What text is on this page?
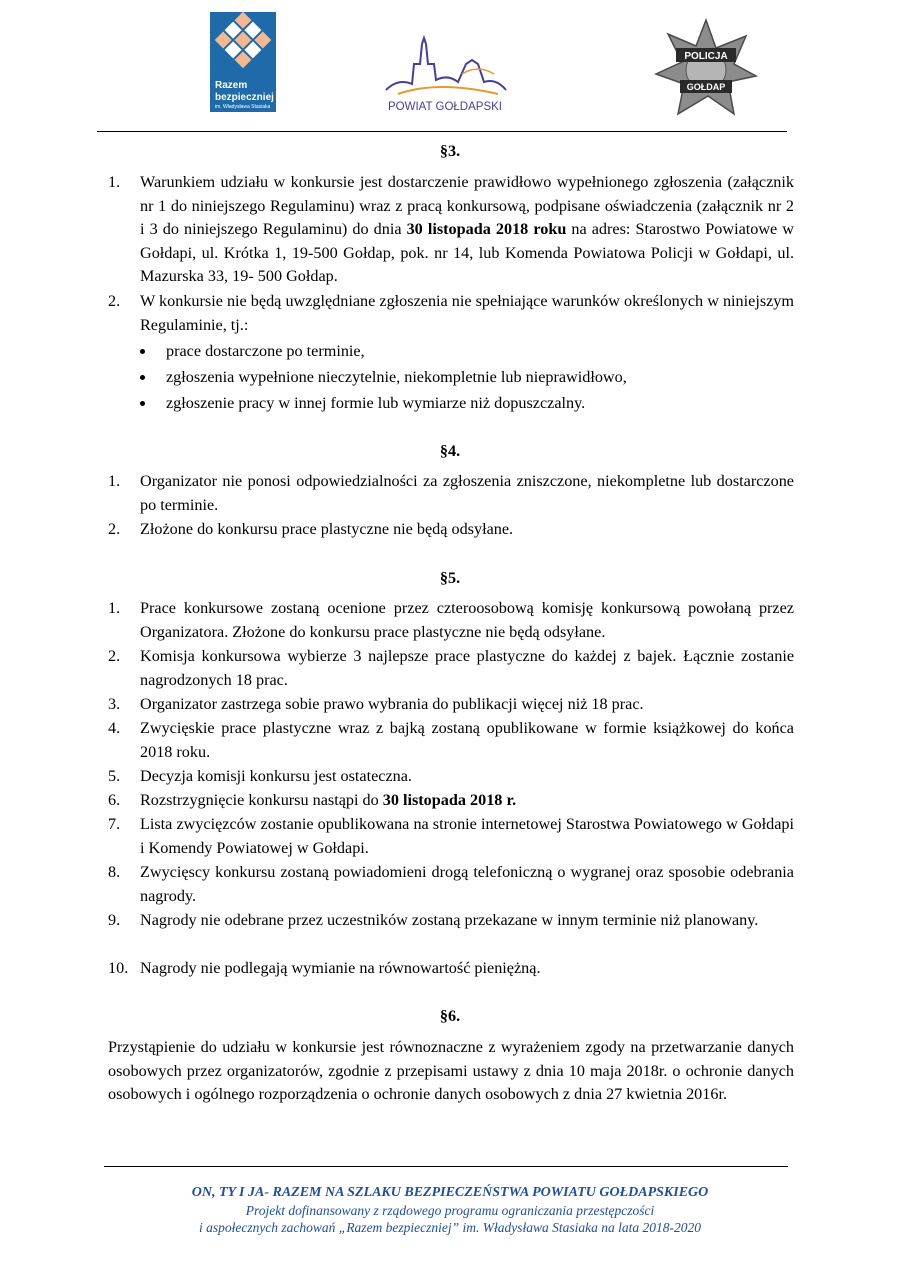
Razem
bezpieczniej
im. Władysława Stasiaka	POWIAT GOŁDAPSKI
POLICJA
GOŁDAP
§3.
1.	Warunkiem udziału w konkursie jest dostarczenie prawidłowo wypełnionego zgłoszenia (załącznik nr 1 do niniejszego Regulaminu) wraz z pracą konkursową, podpisane oświadczenia (załącznik nr 2 i 3 do niniejszego Regulaminu) do dnia 30 listopada 2018 roku na adres: Starostwo Powiatowe w Gołdapi, ul. Krótka 1, 19-500 Gołdap, pok. nr 14, lub Komenda Powiatowa Policji w Gołdapi, ul. Mazurska 33, 19- 500 Gołdap.
2.	W konkursie nie będą uwzględniane zgłoszenia nie spełniające warunków określonych w niniejszym Regulaminie, tj.:
prace dostarczone po terminie,
zgłoszenia wypełnione nieczytelnie, niekompletnie lub nieprawidłowo,
zgłoszenie pracy w innej formie lub wymiarze niż dopuszczalny.
§4.
1.	Organizator nie ponosi odpowiedzialności za zgłoszenia zniszczone, niekompletne lub dostarczone po terminie.
2.	Złożone do konkursu prace plastyczne nie będą odsyłane.
§5.
1.	Prace konkursowe zostaną ocenione przez czteroosobową komisję konkursową powołaną przez Organizatora. Złożone do konkursu prace plastyczne nie będą odsyłane.
2.	Komisja konkursowa wybierze 3 najlepsze prace plastyczne do każdej z bajek. Łącznie zostanie nagrodzonych 18 prac.
3.	Organizator zastrzega sobie prawo wybrania do publikacji więcej niż 18 prac.
4.	Zwycięskie prace plastyczne wraz z bajką zostaną opublikowane w formie książkowej do końca 2018 roku.
5.	Decyzja komisji konkursu jest ostateczna.
6.	Rozstrzygnięcie konkursu nastąpi do 30 listopada 2018 r.
7.	Lista zwycięzców zostanie opublikowana na stronie internetowej Starostwa Powiatowego w Gołdapi i Komendy Powiatowej w Gołdapi.
8.	Zwycięscy konkursu zostaną powiadomieni drogą telefoniczną o wygranej oraz sposobie odebrania nagrody.
9.	Nagrody nie odebrane przez uczestników zostaną przekazane w innym terminie niż planowany.
10. Nagrody nie podlegają wymianie na równowartość pieniężną.
§6.
Przystąpienie do udziału w konkursie jest równoznaczne z wyrażeniem zgody na przetwarzanie danych osobowych przez organizatorów, zgodnie z przepisami ustawy z dnia 10 maja 2018r. o ochronie danych osobowych i ogólnego rozporządzenia o ochronie danych osobowych z dnia 27 kwietnia 2016r.
ON, TY I JA- RAZEM NA SZLAKU BEZPIECZEŃSTWA POWIATU GOŁDAPSKIEGO
Projekt dofinansowany z rządowego programu ograniczania przestępczości
i aspołecznych zachowań „Razem bezpieczniej” im. Władysława Stasiaka na lata 2018-2020
